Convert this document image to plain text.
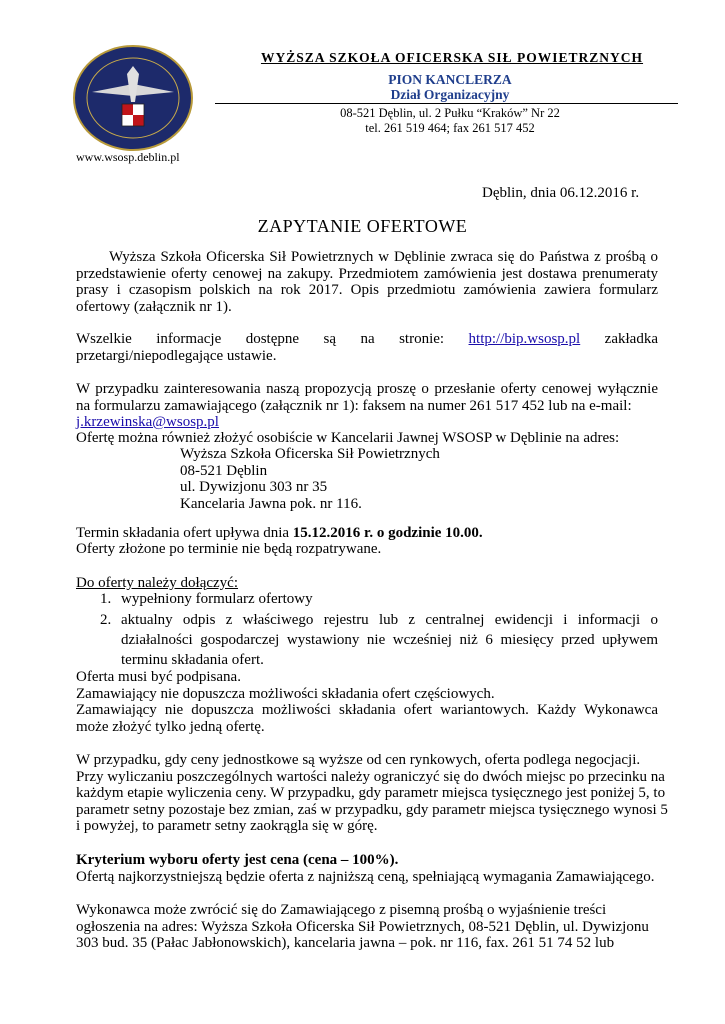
www.wsosp.deblin.pl
WYŻSZA SZKOŁA OFICERSKA SIŁ POWIETRZNYCH
PION KANCLERZA
Dział Organizacyjny
08-521 Dęblin, ul. 2 Pułku “Kraków” Nr 22
tel. 261 519 464; fax 261 517 452
Dęblin, dnia 06.12.2016 r.
ZAPYTANIE OFERTOWE
Wyższa Szkoła Oficerska Sił Powietrznych w Dęblinie zwraca się do Państwa z prośbą o przedstawienie oferty cenowej na zakupy. Przedmiotem zamówienia jest dostawa prenumeraty prasy i czasopism polskich na rok 2017. Opis przedmiotu zamówienia zawiera formularz ofertowy (załącznik nr 1).
Wszelkie informacje dostępne są na stronie: http://bip.wsosp.pl zakładka przetargi/niepodlegające ustawie.
W przypadku zainteresowania naszą propozycją proszę o przesłanie oferty cenowej wyłącznie na formularzu zamawiającego (załącznik nr 1): faksem na numer 261 517 452 lub na e-mail:
j.krzewinska@wsosp.pl
Ofertę można również złożyć osobiście w Kancelarii Jawnej WSOSP w Dęblinie na adres:
Wyższa Szkoła Oficerska Sił Powietrznych
08-521 Dęblin
ul. Dywizjonu 303 nr 35
Kancelaria Jawna pok. nr 116.
Termin składania ofert upływa dnia 15.12.2016 r. o godzinie 10.00.
Oferty złożone po terminie nie będą rozpatrywane.
Do oferty należy dołączyć:
1. wypełniony formularz ofertowy
2. aktualny odpis z właściwego rejestru lub z centralnej ewidencji i informacji o działalności gospodarczej wystawiony nie wcześniej niż 6 miesięcy przed upływem terminu składania ofert.
Oferta musi być podpisana.
Zamawiający nie dopuszcza możliwości składania ofert częściowych.
Zamawiający nie dopuszcza możliwości składania ofert wariantowych. Każdy Wykonawca może złożyć tylko jedną ofertę.
W przypadku, gdy ceny jednostkowe są wyższe od cen rynkowych, oferta podlega negocjacji.
Przy wyliczaniu poszczególnych wartości należy ograniczyć się do dwóch miejsc po przecinku na
każdym etapie wyliczenia ceny. W przypadku, gdy parametr miejsca tysięcznego jest poniżej 5, to
parametr setny pozostaje bez zmian, zaś w przypadku, gdy parametr miejsca tysięcznego wynosi 5
i powyżej, to parametr setny zaokrągla się w górę.
Kryterium wyboru oferty jest cena (cena – 100%).
Ofertą najkorzystniejszą będzie oferta z najniższą ceną, spełniającą wymagania Zamawiającego.
Wykonawca może zwrócić się do Zamawiającego z pisemną prośbą o wyjaśnienie treści
ogłoszenia na adres: Wyższa Szkoła Oficerska Sił Powietrznych, 08-521 Dęblin, ul. Dywizjonu
303 bud. 35 (Pałac Jabłonowskich), kancelaria jawna – pok. nr 116, fax. 261 51 74 52 lub
